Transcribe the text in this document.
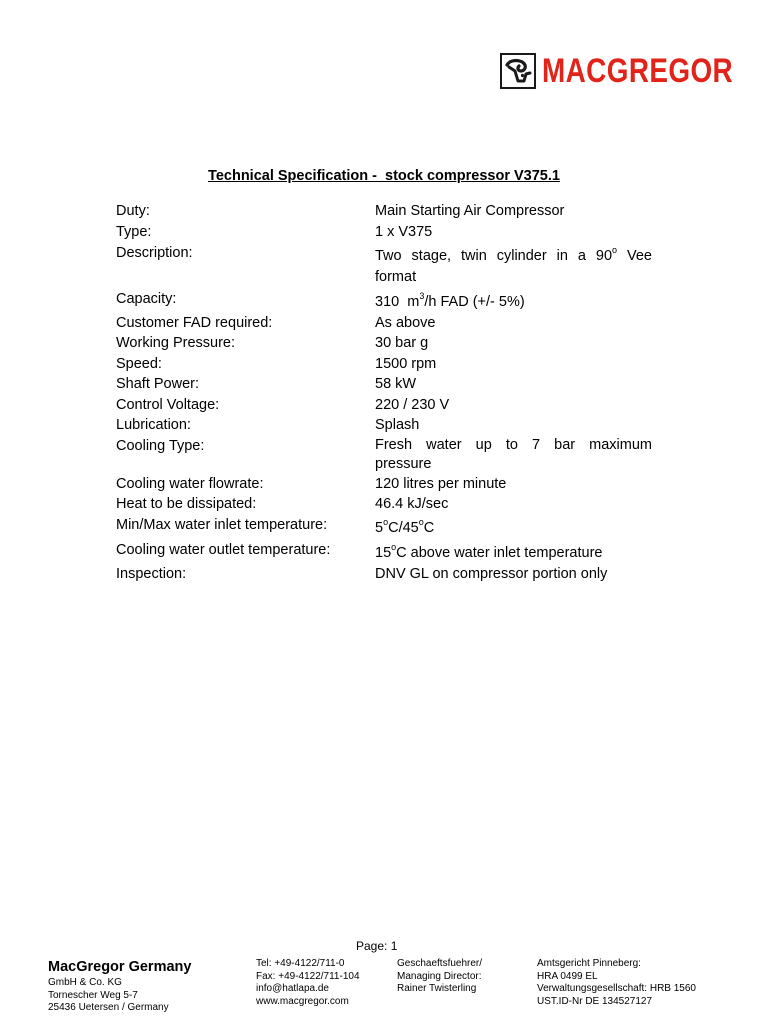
MACGREGOR
Technical Specification -  stock compressor V375.1
Duty:	Main Starting Air Compressor
Type:	1 x V375
Description:	Two stage, twin cylinder in a 90$^o$ Vee format
Capacity:	310  $m^3/h$ FAD (+/- 5%)
Customer FAD required:	As above
Working Pressure:	30 bar g
Speed:	1500 rpm
Shaft Power:	58 kW
Control Voltage:	220 / 230 V
Lubrication:	Splash
Cooling Type:	Fresh water up to 7 bar maximum pressure
Cooling water flowrate:	120 litres per minute
Heat to be dissipated:	46.4 kJ/sec
Min/Max water inlet temperature:	5$^o$C/45$^o$C
Cooling water outlet temperature:	15$^o$C above water inlet temperature
Inspection:	DNV GL on compressor portion only
Page: 1
MacGregor Germany
GmbH & Co. KG
Tornescher Weg 5-7
25436 Uetersen / Germany
Tel: +49-4122/711-0
Fax: +49-4122/711-104
info@hatlapa.de
www.macgregor.com
Geschaeftsfuehrer/
Managing Director:
Rainer Twisterling
Amtsgericht Pinneberg:
HRA 0499 EL
Verwaltungsgesellschaft: HRB 1560
UST.ID-Nr DE 134527127
